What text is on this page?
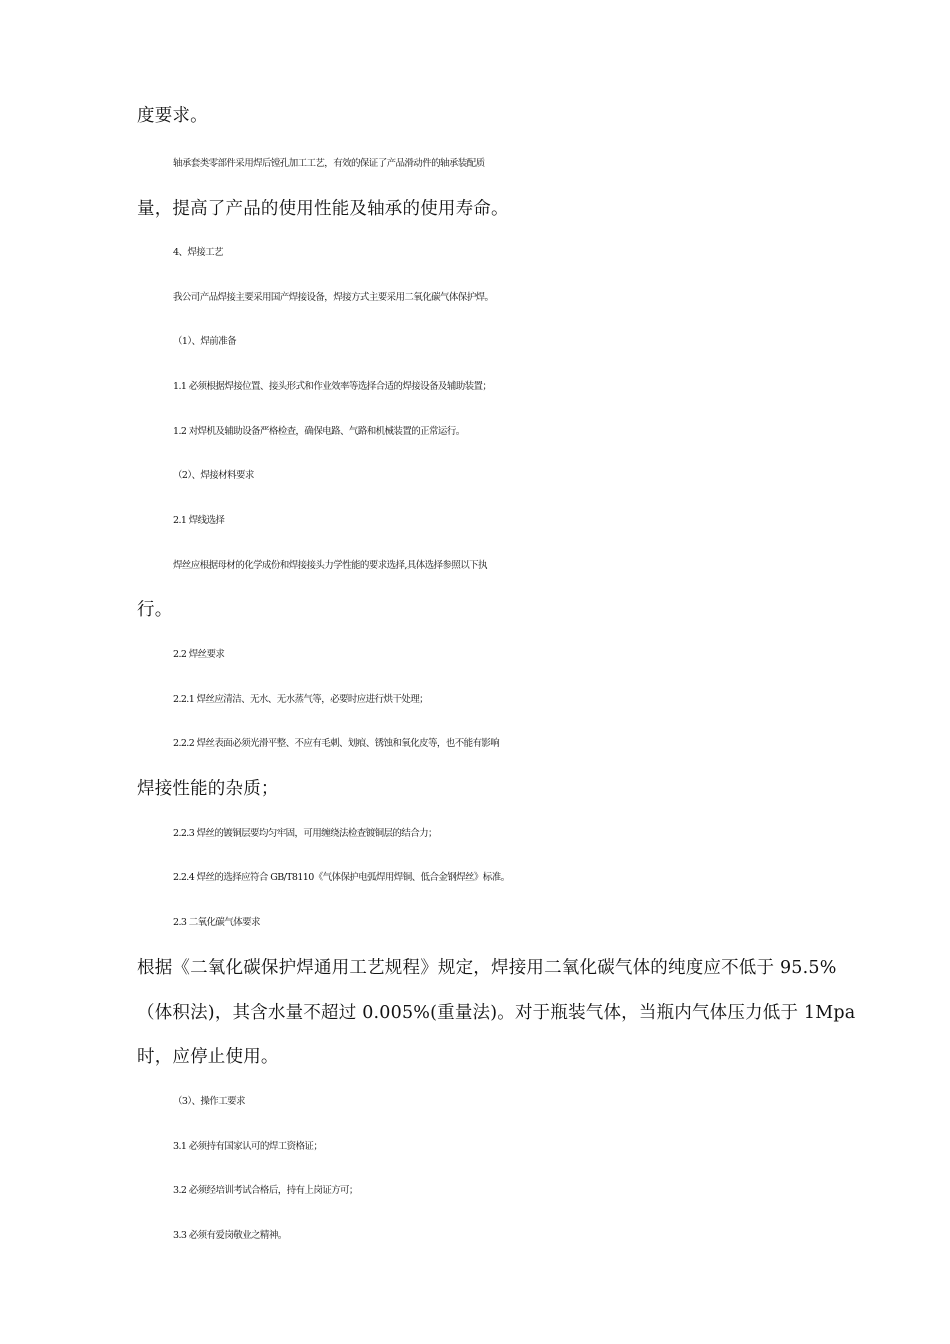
度要求。
轴承套类零部件采用焊后镗孔加工工艺，有效的保证了产品滑动件的轴承装配质
量，提高了产品的使用性能及轴承的使用寿命。
4、焊接工艺
我公司产品焊接主要采用国产焊接设备，焊接方式主要采用二氧化碳气体保护焊。
（1）、焊前准备
1.1 必须根据焊接位置、接头形式和作业效率等选择合适的焊接设备及辅助装置；
1.2 对焊机及辅助设备严格检查，确保电路、气路和机械装置的正常运行。
（2）、焊接材料要求
2.1 焊线选择
焊丝应根据母材的化学成份和焊接接头力学性能的要求选择,具体选择参照以下执
行。
2.2 焊丝要求
2.2.1 焊丝应清洁、无水、无水蒸气等，必要时应进行烘干处理；
2.2.2 焊丝表面必须光滑平整、不应有毛刺、划痕、锈蚀和氧化皮等，也不能有影响
焊接性能的杂质；
2.2.3 焊丝的镀铜层要均匀牢固，可用缠绕法检查镀铜层的结合力；
2.2.4 焊丝的选择应符合 GB/T8110《气体保护电弧焊用焊铜、低合金钢焊丝》标准。
2.3 二氧化碳气体要求
根据《二氧化碳保护焊通用工艺规程》规定，焊接用二氧化碳气体的纯度应不低于 95.5%
（体积法)，其含水量不超过 0.005%(重量法)。对于瓶装气体，当瓶内气体压力低于 1Mpa
时，应停止使用。
（3）、操作工要求
3.1 必须持有国家认可的焊工资格证；
3.2 必须经培训考试合格后，持有上岗证方可；
3.3 必须有爱岗敬业之精神。
